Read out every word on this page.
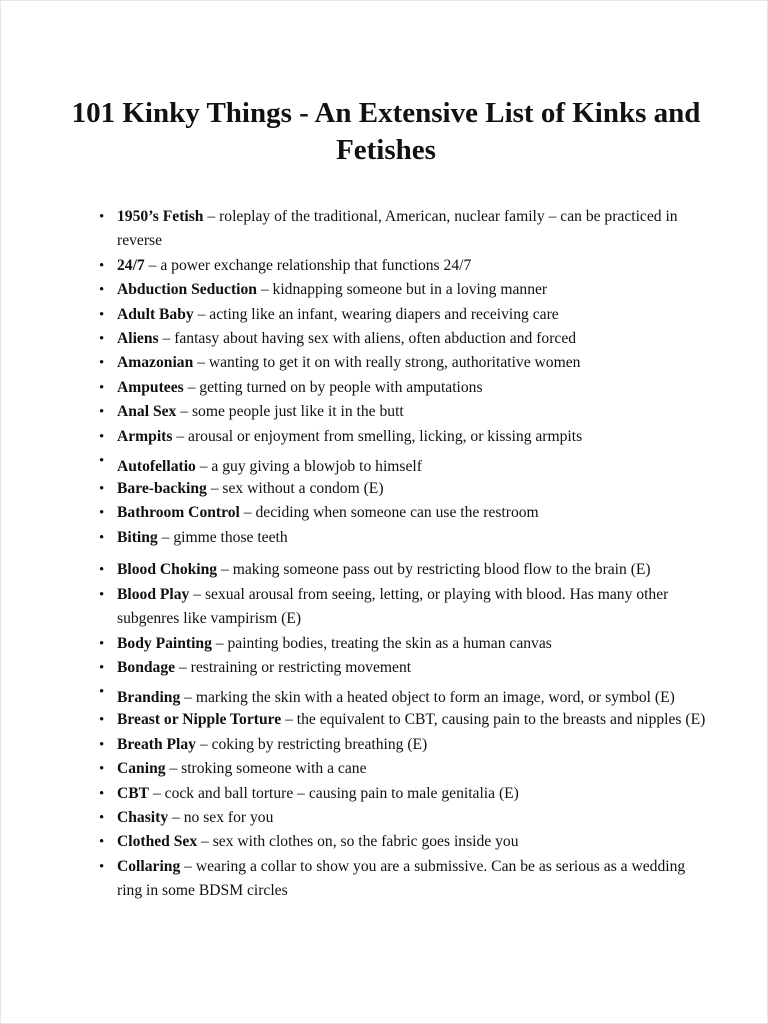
101 Kinky Things - An Extensive List of Kinks and Fetishes
• 1950’s Fetish – roleplay of the traditional, American, nuclear family – can be practiced in reverse
• 24/7 – a power exchange relationship that functions 24/7
• Abduction Seduction – kidnapping someone but in a loving manner
• Adult Baby – acting like an infant, wearing diapers and receiving care
• Aliens – fantasy about having sex with aliens, often abduction and forced
• Amazonian – wanting to get it on with really strong, authoritative women
• Amputees – getting turned on by people with amputations
• Anal Sex – some people just like it in the butt
• Armpits – arousal or enjoyment from smelling, licking, or kissing armpits
• Autofellatio – a guy giving a blowjob to himself
• Bare-backing – sex without a condom (E)
• Bathroom Control – deciding when someone can use the restroom
• Biting – gimme those teeth
• Blood Choking – making someone pass out by restricting blood flow to the brain (E)
• Blood Play – sexual arousal from seeing, letting, or playing with blood. Has many other subgenres like vampirism (E)
• Body Painting – painting bodies, treating the skin as a human canvas
• Bondage – restraining or restricting movement
• Branding – marking the skin with a heated object to form an image, word, or symbol (E)
• Breast or Nipple Torture – the equivalent to CBT, causing pain to the breasts and nipples (E)
• Breath Play – coking by restricting breathing (E)
• Caning – stroking someone with a cane
• CBT – cock and ball torture – causing pain to male genitalia (E)
• Chasity – no sex for you
• Clothed Sex – sex with clothes on, so the fabric goes inside you
• Collaring – wearing a collar to show you are a submissive. Can be as serious as a wedding ring in some BDSM circles
